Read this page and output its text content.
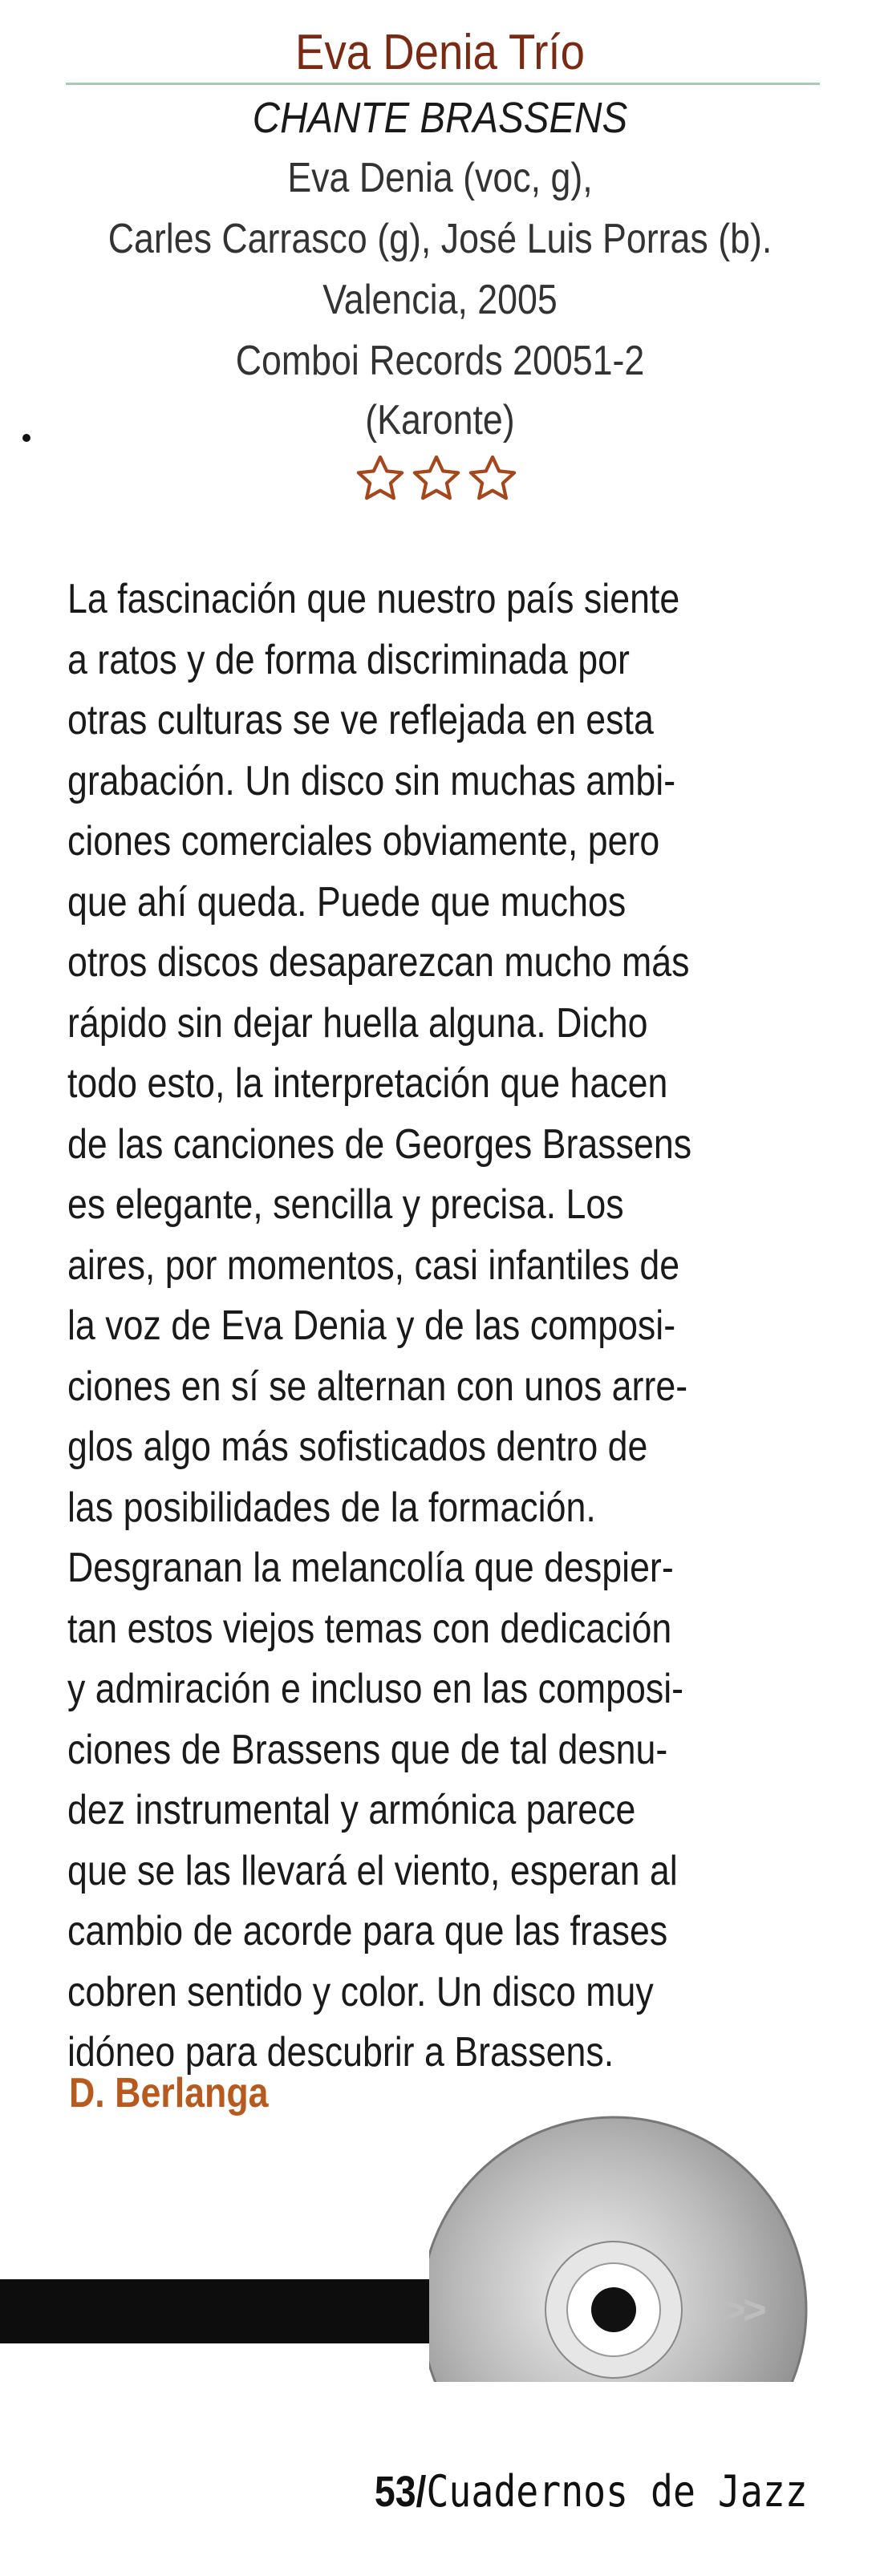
Eva Denia Trío
CHANTE BRASSENS
Eva Denia (voc, g),
Carles Carrasco (g), José Luis Porras (b).
Valencia, 2005
Comboi Records 20051-2
(Karonte)
La fascinación que nuestro país siente
a ratos y de forma discriminada por
otras culturas se ve reflejada en esta
grabación. Un disco sin muchas ambi-
ciones comerciales obviamente, pero
que ahí queda. Puede que muchos
otros discos desaparezcan mucho más
rápido sin dejar huella alguna. Dicho
todo esto, la interpretación que hacen
de las canciones de Georges Brassens
es elegante, sencilla y precisa. Los
aires, por momentos, casi infantiles de
la voz de Eva Denia y de las composi-
ciones en sí se alternan con unos arre-
glos algo más sofisticados dentro de
las posibilidades de la formación.
Desgranan la melancolía que despier-
tan estos viejos temas con dedicación
y admiración e incluso en las composi-
ciones de Brassens que de tal desnu-
dez instrumental y armónica parece
que se las llevará el viento, esperan al
cambio de acorde para que las frases
cobren sentido y color. Un disco muy
idóneo para descubrir a Brassens.
D. Berlanga
>>
53/Cuadernos de Jazz
